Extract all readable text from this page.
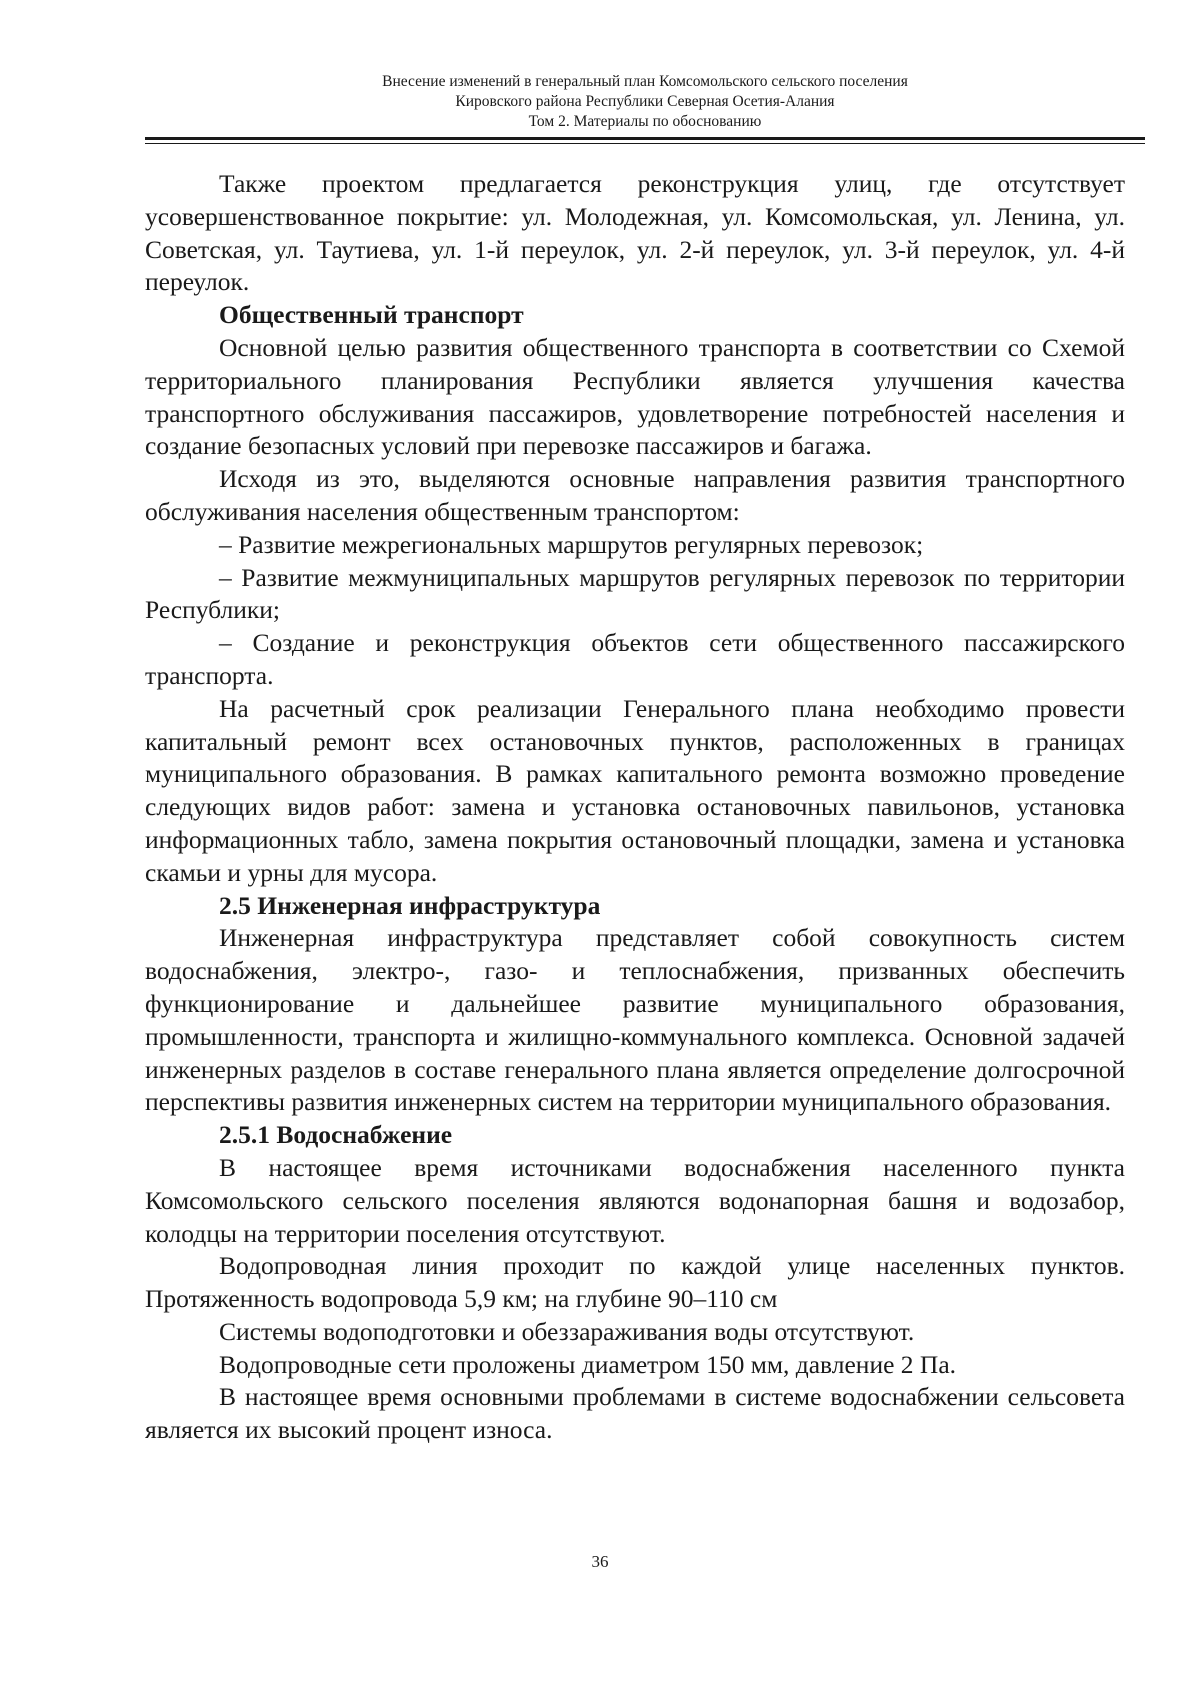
Внесение изменений в генеральный план Комсомольского сельского поселения
Кировского района Республики Северная Осетия-Алания
Том 2. Материалы по обоснованию

Также проектом предлагается реконструкция улиц, где отсутствует усовершенствованное покрытие: ул. Молодежная, ул. Комсомольская, ул. Ленина, ул. Советская, ул. Таутиева, ул. 1-й переулок, ул. 2-й переулок, ул. 3-й переулок, ул. 4-й переулок.

Общественный транспорт

Основной целью развития общественного транспорта в соответствии со Схемой территориального планирования Республики является улучшения качества транспортного обслуживания пассажиров, удовлетворение потребностей населения и создание безопасных условий при перевозке пассажиров и багажа.

Исходя из это, выделяются основные направления развития транспортного обслуживания населения общественным транспортом:

– Развитие межрегиональных маршрутов регулярных перевозок;

– Развитие межмуниципальных маршрутов регулярных перевозок по территории Республики;

– Создание и реконструкция объектов сети общественного пассажирского транспорта.

На расчетный срок реализации Генерального плана необходимо провести капитальный ремонт всех остановочных пунктов, расположенных в границах муниципального образования. В рамках капитального ремонта возможно проведение следующих видов работ: замена и установка остановочных павильонов, установка информационных табло, замена покрытия остановочный площадки, замена и установка скамьи и урны для мусора.

2.5 Инженерная инфраструктура

Инженерная инфраструктура представляет собой совокупность систем водоснабжения, электро-, газо- и теплоснабжения, призванных обеспечить функционирование и дальнейшее развитие муниципального образования, промышленности, транспорта и жилищно-коммунального комплекса. Основной задачей инженерных разделов в составе генерального плана является определение долгосрочной перспективы развития инженерных систем на территории муниципального образования.

2.5.1 Водоснабжение

В настоящее время источниками водоснабжения населенного пункта Комсомольского сельского поселения являются водонапорная башня и водозабор, колодцы на территории поселения отсутствуют.

Водопроводная линия проходит по каждой улице населенных пунктов. Протяженность водопровода 5,9 км; на глубине 90–110 см

Системы водоподготовки и обеззараживания воды отсутствуют.

Водопроводные сети проложены диаметром 150 мм, давление 2 Па.

В настоящее время основными проблемами в системе водоснабжении сельсовета является их высокий процент износа.

36
